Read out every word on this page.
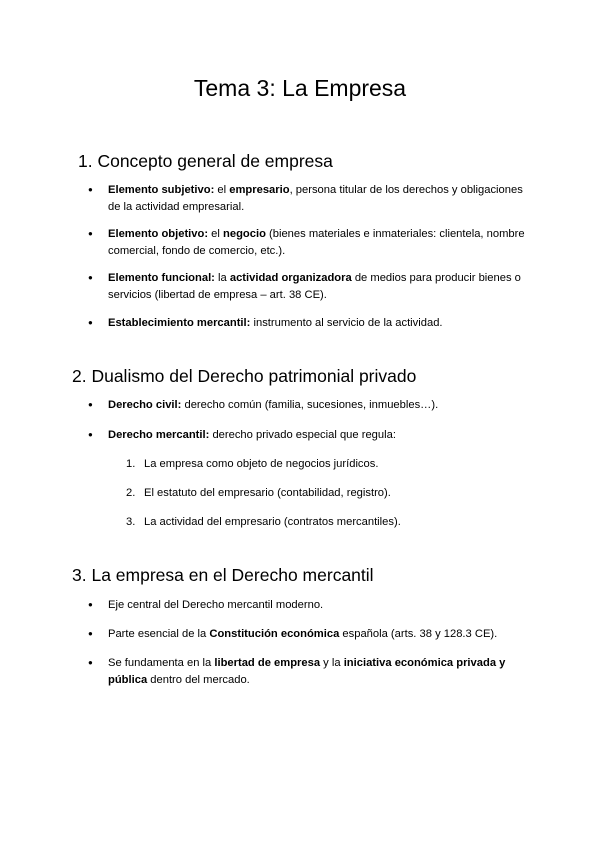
Tema 3: La Empresa
1. Concepto general de empresa

● Elemento subjetivo: el empresario, persona titular de los derechos y obligaciones de la actividad empresarial.

● Elemento objetivo: el negocio (bienes materiales e inmateriales: clientela, nombre comercial, fondo de comercio, etc.).

● Elemento funcional: la actividad organizadora de medios para producir bienes o servicios (libertad de empresa – art. 38 CE).

● Establecimiento mercantil: instrumento al servicio de la actividad.

2. Dualismo del Derecho patrimonial privado

● Derecho civil: derecho común (familia, sucesiones, inmuebles…).

● Derecho mercantil: derecho privado especial que regula:

1. La empresa como objeto de negocios jurídicos.

2. El estatuto del empresario (contabilidad, registro).

3. La actividad del empresario (contratos mercantiles).

3. La empresa en el Derecho mercantil

● Eje central del Derecho mercantil moderno.

● Parte esencial de la Constitución económica española (arts. 38 y 128.3 CE).

● Se fundamenta en la libertad de empresa y la iniciativa económica privada y pública dentro del mercado.
